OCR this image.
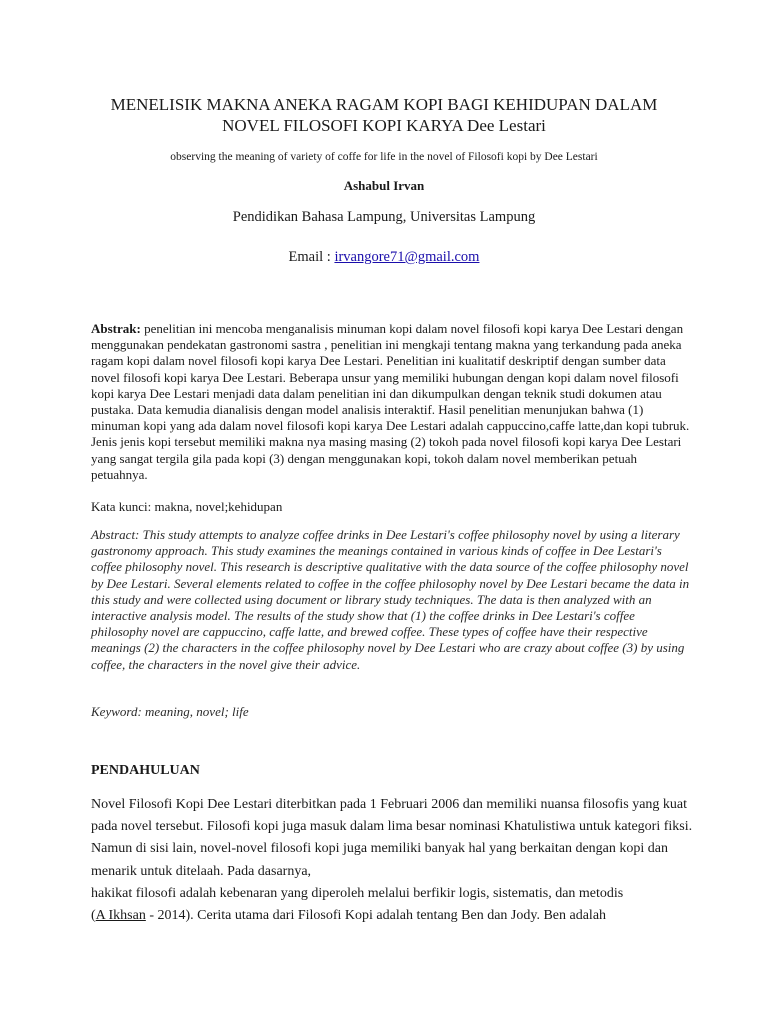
MENELISIK MAKNA ANEKA RAGAM KOPI BAGI KEHIDUPAN DALAM
NOVEL FILOSOFI KOPI KARYA Dee Lestari
observing the meaning of variety of coffe for life in the novel of Filosofi kopi by Dee Lestari
Ashabul Irvan
Pendidikan Bahasa Lampung, Universitas Lampung
Email : irvangore71@gmail.com
Abstrak: penelitian ini mencoba menganalisis minuman kopi dalam novel filosofi kopi karya Dee Lestari dengan menggunakan pendekatan gastronomi sastra , penelitian ini mengkaji tentang makna yang terkandung pada aneka ragam kopi dalam novel filosofi kopi karya Dee Lestari. Penelitian ini kualitatif deskriptif dengan sumber data novel filosofi kopi karya Dee Lestari. Beberapa unsur yang memiliki hubungan dengan kopi dalam novel filosofi kopi karya Dee Lestari menjadi data dalam penelitian ini dan dikumpulkan dengan teknik studi dokumen atau pustaka. Data kemudia dianalisis dengan model analisis interaktif. Hasil penelitian menunjukan bahwa (1) minuman kopi yang ada dalam novel filosofi kopi karya Dee Lestari adalah cappuccino,caffe latte,dan kopi tubruk. Jenis jenis kopi tersebut memiliki makna nya masing masing (2) tokoh pada novel filosofi kopi karya Dee Lestari yang sangat tergila gila pada kopi (3) dengan menggunakan kopi, tokoh dalam novel memberikan petuah petuahnya.
Kata kunci: makna, novel;kehidupan
Abstract: This study attempts to analyze coffee drinks in Dee Lestari's coffee philosophy novel by using a literary gastronomy approach. This study examines the meanings contained in various kinds of coffee in Dee Lestari's coffee philosophy novel. This research is descriptive qualitative with the data source of the coffee philosophy novel by Dee Lestari. Several elements related to coffee in the coffee philosophy novel by Dee Lestari became the data in this study and were collected using document or library study techniques. The data is then analyzed with an interactive analysis model. The results of the study show that (1) the coffee drinks in Dee Lestari's coffee philosophy novel are cappuccino, caffe latte, and brewed coffee. These types of coffee have their respective meanings (2) the characters in the coffee philosophy novel by Dee Lestari who are crazy about coffee (3) by using coffee, the characters in the novel give their advice.
Keyword: meaning, novel; life
PENDAHULUAN

Novel Filosofi Kopi Dee Lestari diterbitkan pada 1 Februari 2006 dan memiliki nuansa filosofis yang kuat pada novel tersebut. Filosofi kopi juga masuk dalam lima besar nominasi Khatulistiwa untuk kategori fiksi. Namun di sisi lain, novel-novel filosofi kopi juga memiliki banyak hal yang berkaitan dengan kopi dan menarik untuk ditelaah. Pada dasarnya,

hakikat filosofi adalah kebenaran yang diperoleh melalui berfikir logis, sistematis, dan metodis

(A Ikhsan - 2014). Cerita utama dari Filosofi Kopi adalah tentang Ben dan Jody. Ben adalah
